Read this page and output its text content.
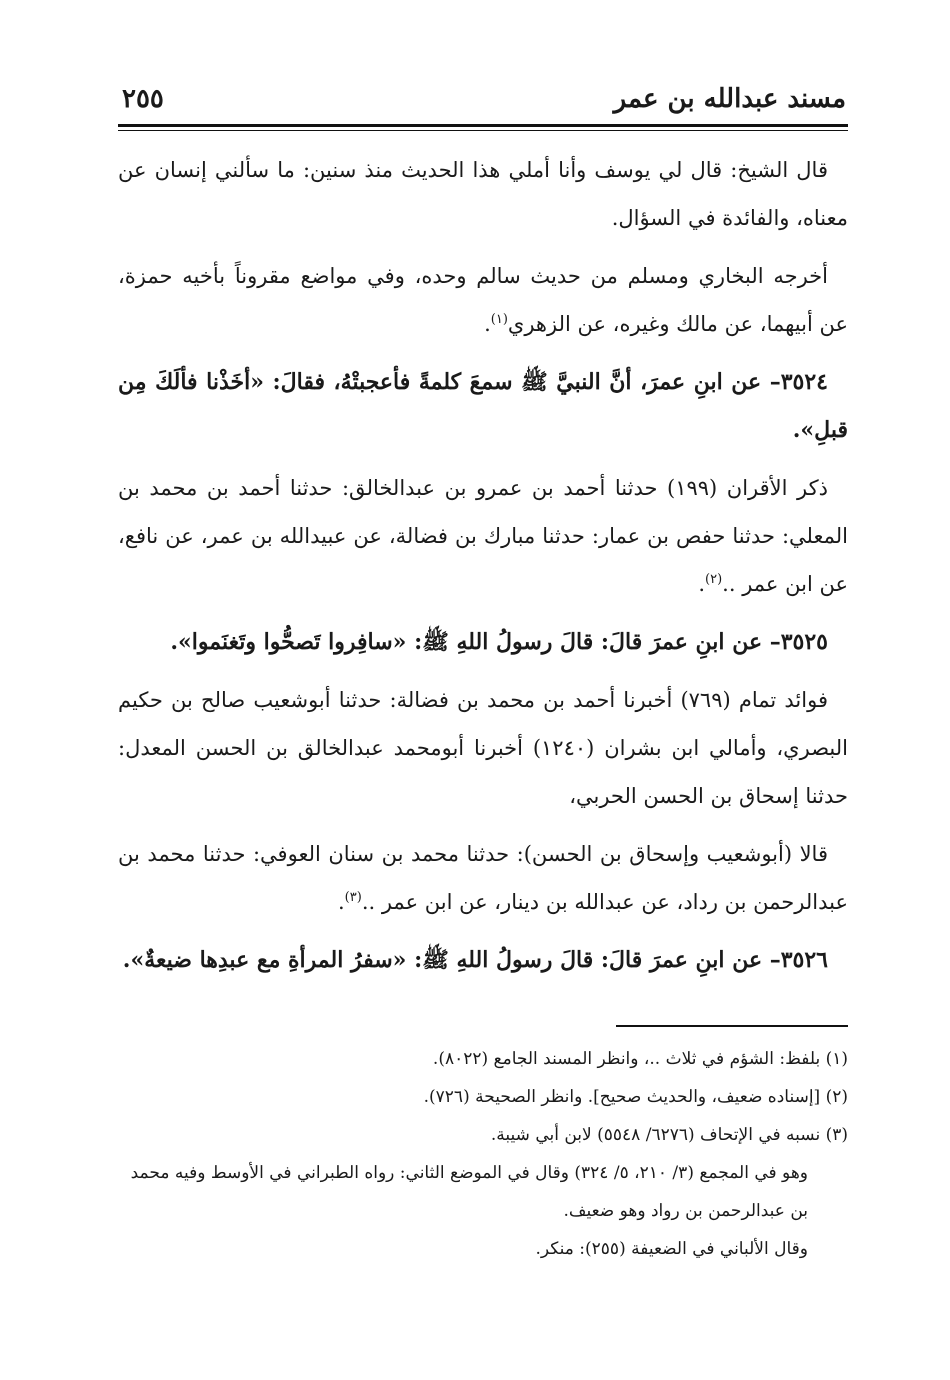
مسند عبدالله بن عمر
٢٥٥

قال الشيخ: قال لي يوسف وأنا أملي هذا الحديث منذ سنين: ما سألني إنسان عن معناه، والفائدة في السؤال.

أخرجه البخاري ومسلم من حديث سالم وحده، وفي مواضع مقروناً بأخيه حمزة، عن أبيهما، عن مالك وغيره، عن الزهري$^{(١)}$.

٣٥٢٤– عن ابنِ عمرَ، أنَّ النبيَّ ﷺ سمعَ كلمةً فأعجبتْهُ، فقالَ: «أخَذْنا فألَكَ مِن قبلِ».

ذكر الأقران (١٩٩) حدثنا أحمد بن عمرو بن عبدالخالق: حدثنا أحمد بن محمد بن المعلي: حدثنا حفص بن عمار: حدثنا مبارك بن فضالة، عن عبيدالله بن عمر، عن نافع، عن ابن عمر ..$^{(٢)}$.

٣٥٢٥– عن ابنِ عمرَ قالَ: قالَ رسولُ اللهِ ﷺ: «سافِروا تَصحُّوا وتَغنَموا».

فوائد تمام (٧٦٩) أخبرنا أحمد بن محمد بن فضالة: حدثنا أبوشعيب صالح بن حكيم البصري، وأمالي ابن بشران (١٢٤٠) أخبرنا أبومحمد عبدالخالق بن الحسن المعدل: حدثنا إسحاق بن الحسن الحربي،

قالا (أبوشعيب وإسحاق بن الحسن): حدثنا محمد بن سنان العوفي: حدثنا محمد بن عبدالرحمن بن رداد، عن عبدالله بن دينار، عن ابن عمر ..$^{(٣)}$.

٣٥٢٦– عن ابنِ عمرَ قالَ: قالَ رسولُ اللهِ ﷺ: «سفرُ المرأةِ مع عبدِها ضيعةٌ».

(١) بلفظ: الشؤم في ثلاث ..، وانظر المسند الجامع (٨٠٢٢).

(٢) [إسناده ضعيف، والحديث صحيح]. وانظر الصحيحة (٧٢٦).

(٣) نسبه في الإتحاف (٦٢٧٦/ ٥٥٤٨) لابن أبي شيبة.

وهو في المجمع (٣/ ٢١٠، ٥/ ٣٢٤) وقال في الموضع الثاني: رواه الطبراني في الأوسط وفيه محمد بن عبدالرحمن بن رواد وهو ضعيف.

وقال الألباني في الضعيفة (٢٥٥): منكر.
